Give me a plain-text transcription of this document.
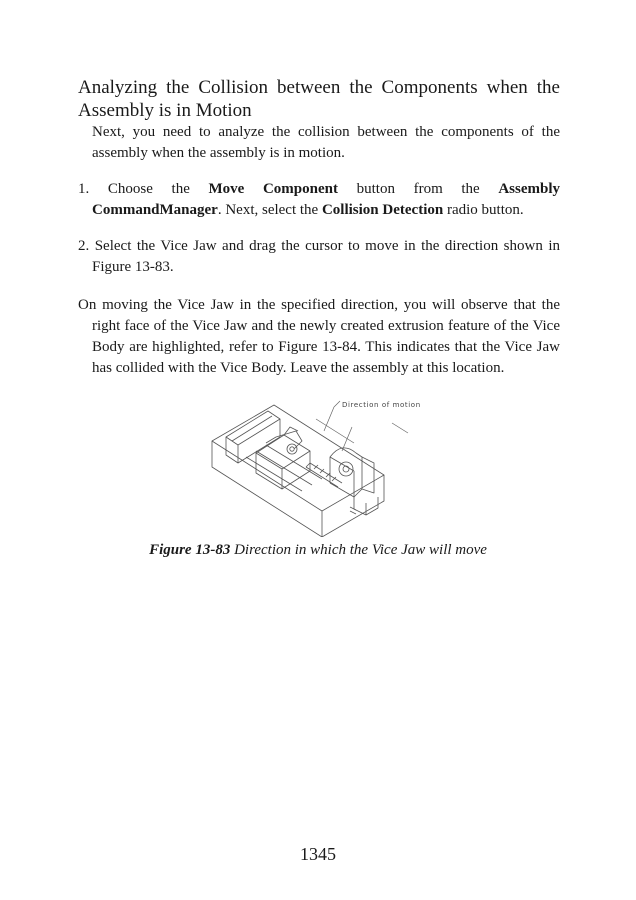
Analyzing the Collision between the Components when the Assembly is in Motion

Next, you need to analyze the collision between the components of the assembly when the assembly is in motion.

1. Choose the Move Component button from the Assembly CommandManager. Next, select the Collision Detection radio button.

2. Select the Vice Jaw and drag the cursor to move in the direction shown in Figure 13-83.

On moving the Vice Jaw in the specified direction, you will observe that the right face of the Vice Jaw and the newly created extrusion feature of the Vice Body are highlighted, refer to Figure 13-84. This indicates that the Vice Jaw has collided with the Vice Body. Leave the assembly at this location.

Direction of motion

Figure 13-83 Direction in which the Vice Jaw will move

1345
